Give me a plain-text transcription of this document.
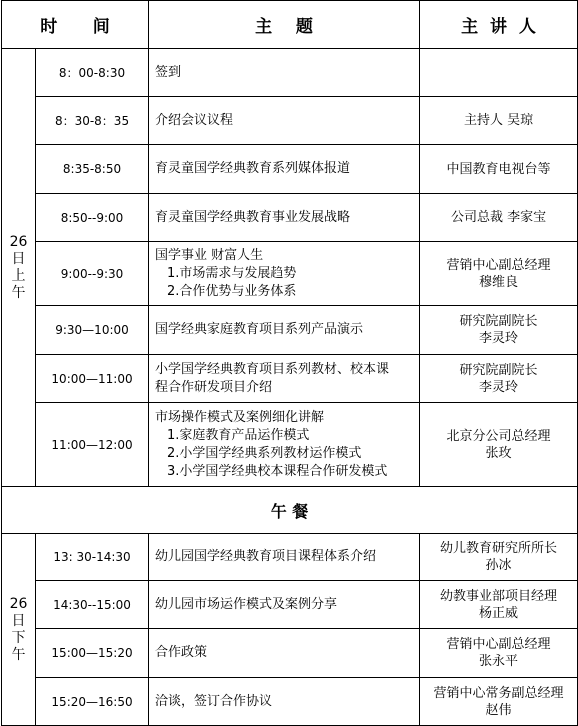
时      间		主    题	主  讲  人

26
日
上
午	8：00-8:30	签到	

	8：30-8：35	介绍会议议程	主持人 吴琼

	8:35-8:50	育灵童国学经典教育系列媒体报道	中国教育电视台等

	8:50--9:00	育灵童国学经典教育事业发展战略	公司总裁 李家宝

	9:00--9:30	国学事业 财富人生
1.市场需求与发展趋势
2.合作优势与业务体系	营销中心副总经理
穆维良

	9:30—10:00	国学经典家庭教育项目系列产品演示	研究院副院长
李灵玲

	10:00—11:00	小学国学经典教育项目系列教材、校本课
程合作研发项目介绍	研究院副院长
李灵玲

	11:00—12:00	市场操作模式及案例细化讲解
1.家庭教育产品运作模式
2.小学国学经典系列教材运作模式
3.小学国学经典校本课程合作研发模式	北京分公司总经理
张玫

午 餐			

26
日
下
午	13: 30-14:30	幼儿园国学经典教育项目课程体系介绍	幼儿教育研究所所长
孙冰

	14:30--15:00	幼儿园市场运作模式及案例分享	幼教事业部项目经理
杨正威

	15:00—15:20	合作政策	营销中心副总经理
张永平

	15:20—16:50	洽谈，签订合作协议	营销中心常务副总经理
赵伟
